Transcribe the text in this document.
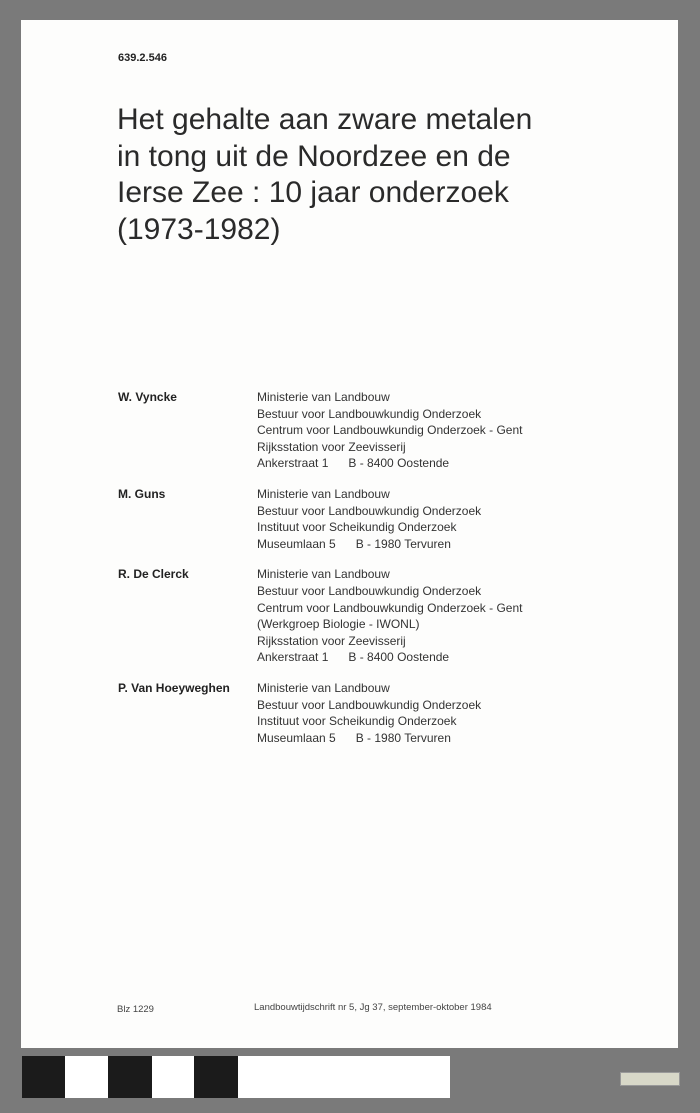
639.2.546
Het gehalte aan zware metalen
in tong uit de Noordzee en de
Ierse Zee : 10 jaar onderzoek
(1973-1982)
W. Vyncke	Ministerie van Landbouw
Bestuur voor Landbouwkundig Onderzoek
Centrum voor Landbouwkundig Onderzoek - Gent
Rijksstation voor Zeevisserij
Ankerstraat 1      B - 8400 Oostende
M. Guns	Ministerie van Landbouw
Bestuur voor Landbouwkundig Onderzoek
Instituut voor Scheikundig Onderzoek
Museumlaan 5      B - 1980 Tervuren
R. De Clerck	Ministerie van Landbouw
Bestuur voor Landbouwkundig Onderzoek
Centrum voor Landbouwkundig Onderzoek - Gent
(Werkgroep Biologie - IWONL)
Rijksstation voor Zeevisserij
Ankerstraat 1      B - 8400 Oostende
P. Van Hoeyweghen	Ministerie van Landbouw
Bestuur voor Landbouwkundig Onderzoek
Instituut voor Scheikundig Onderzoek
Museumlaan 5      B - 1980 Tervuren
Blz 1229	Landbouwtijdschrift nr 5, Jg 37, september-oktober 1984
